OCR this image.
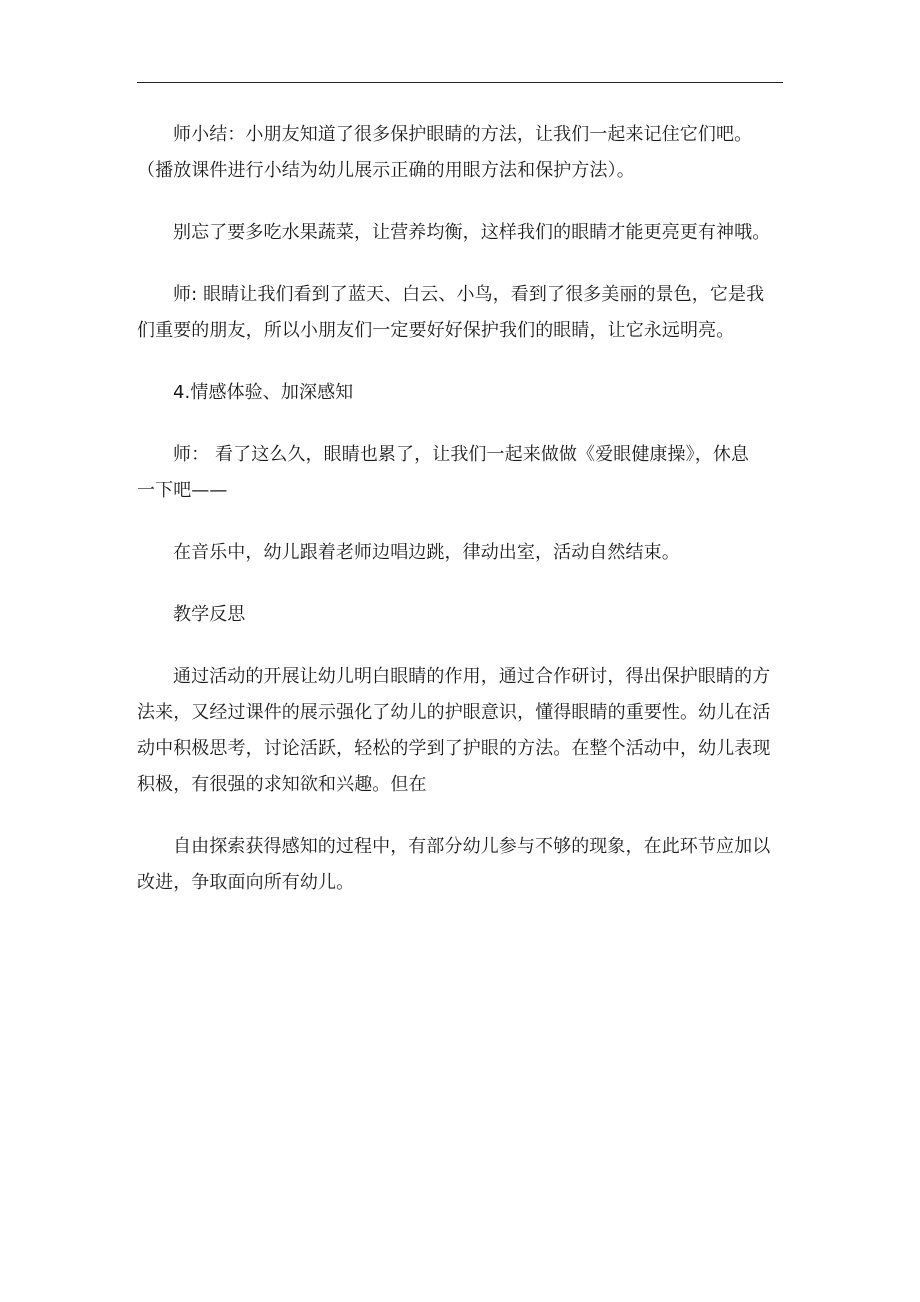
师小结：小朋友知道了很多保护眼睛的方法，让我们一起来记住它们吧。
（播放课件进行小结为幼儿展示正确的用眼方法和保护方法）。

别忘了要多吃水果蔬菜，让营养均衡，这样我们的眼睛才能更亮更有神哦。

师: 眼睛让我们看到了蓝天、白云、小鸟，看到了很多美丽的景色，它是我
们重要的朋友，所以小朋友们一定要好好保护我们的眼睛，让它永远明亮。

4.情感体验、加深感知

师： 看了这么久，眼睛也累了，让我们一起来做做《爱眼健康操》，休息
一下吧——

在音乐中，幼儿跟着老师边唱边跳，律动出室，活动自然结束。

教学反思

通过活动的开展让幼儿明白眼睛的作用，通过合作研讨，得出保护眼睛的方
法来，又经过课件的展示强化了幼儿的护眼意识，懂得眼睛的重要性。幼儿在活
动中积极思考，讨论活跃，轻松的学到了护眼的方法。在整个活动中，幼儿表现
积极，有很强的求知欲和兴趣。但在

自由探索获得感知的过程中，有部分幼儿参与不够的现象，在此环节应加以
改进，争取面向所有幼儿。
